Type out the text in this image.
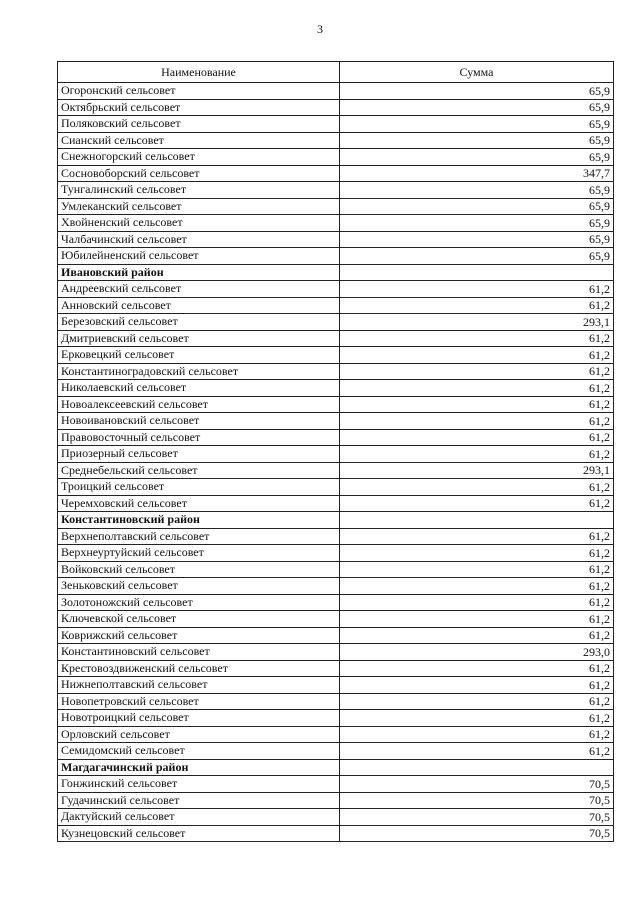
3
Наименование	Сумма
Огоронский сельсовет	65,9
Октябрьский сельсовет	65,9
Поляковский сельсовет	65,9
Сианский сельсовет	65,9
Снежногорский сельсовет	65,9
Сосновоборский сельсовет	347,7
Тунгалинский сельсовет	65,9
Умлеканский сельсовет	65,9
Хвойненский сельсовет	65,9
Чалбачинский сельсовет	65,9
Юбилейненский сельсовет	65,9
Ивановский район	
Андреевский сельсовет	61,2
Анновский сельсовет	61,2
Березовский сельсовет	293,1
Дмитриевский сельсовет	61,2
Ерковецкий сельсовет	61,2
Константиноградовский сельсовет	61,2
Николаевский сельсовет	61,2
Новоалексеевский сельсовет	61,2
Новоивановский сельсовет	61,2
Правовосточный сельсовет	61,2
Приозерный сельсовет	61,2
Среднебельский сельсовет	293,1
Троицкий сельсовет	61,2
Черемховский сельсовет	61,2
Константиновский район	
Верхнеполтавский сельсовет	61,2
Верхнеуртуйский сельсовет	61,2
Войковский сельсовет	61,2
Зеньковский сельсовет	61,2
Золотоножский сельсовет	61,2
Ключевской сельсовет	61,2
Коврижский сельсовет	61,2
Константиновский сельсовет	293,0
Крестовоздвиженский сельсовет	61,2
Нижнеполтавский сельсовет	61,2
Новопетровский сельсовет	61,2
Новотроицкий сельсовет	61,2
Орловский сельсовет	61,2
Семидомский сельсовет	61,2
Магдагачинский район	
Гонжинский сельсовет	70,5
Гудачинский сельсовет	70,5
Дактуйский сельсовет	70,5
Кузнецовский сельсовет	70,5
